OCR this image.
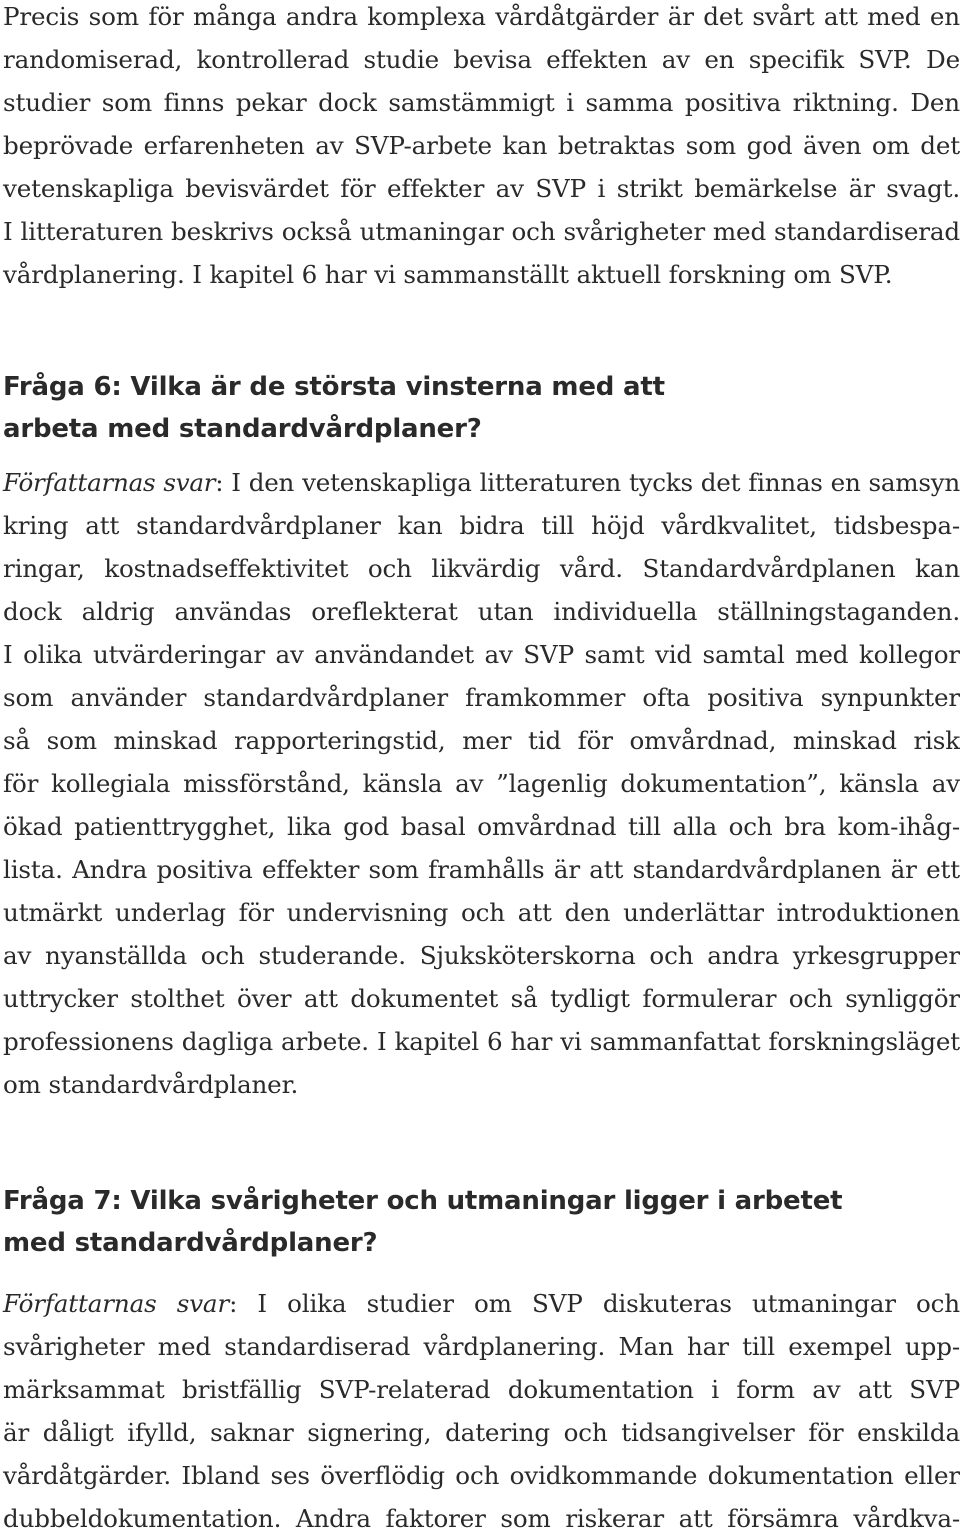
Precis som för många andra komplexa vårdåtgärder är det svårt att med en
randomiserad, kontrollerad studie bevisa effekten av en specifik SVP. De
studier som finns pekar dock samstämmigt i samma positiva riktning. Den
beprövade erfarenheten av SVP-arbete kan betraktas som god även om det
vetenskapliga bevisvärdet för effekter av SVP i strikt bemärkelse är svagt.
I litteraturen beskrivs också utmaningar och svårigheter med standardiserad
vårdplanering. I kapitel 6 har vi sammanställt aktuell forskning om SVP.

Fråga 6: Vilka är de största vinsterna med att
arbeta med standardvårdplaner?

Författarnas svar: I den vetenskapliga litteraturen tycks det finnas en samsyn
kring att standardvårdplaner kan bidra till höjd vårdkvalitet, tidsbespa-
ringar, kostnadseffektivitet och likvärdig vård. Standardvårdplanen kan
dock aldrig användas oreflekterat utan individuella ställningstaganden.
I olika utvärderingar av användandet av SVP samt vid samtal med kollegor
som använder standardvårdplaner framkommer ofta positiva synpunkter
så som minskad rapporteringstid, mer tid för omvårdnad, minskad risk
för kollegiala missförstånd, känsla av ”lagenlig dokumentation”, känsla av
ökad patienttrygghet, lika god basal omvårdnad till alla och bra kom-ihåg-
lista. Andra positiva effekter som framhålls är att standardvårdplanen är ett
utmärkt underlag för undervisning och att den underlättar introduktionen
av nyanställda och studerande. Sjuksköterskorna och andra yrkesgrupper
uttrycker stolthet över att dokumentet så tydligt formulerar och synliggör
professionens dagliga arbete. I kapitel 6 har vi sammanfattat forskningsläget
om standardvårdplaner.

Fråga 7: Vilka svårigheter och utmaningar ligger i arbetet
med standardvårdplaner?

Författarnas svar: I olika studier om SVP diskuteras utmaningar och
svårigheter med standardiserad vårdplanering. Man har till exempel upp-
märksammat bristfällig SVP-relaterad dokumentation i form av att SVP
är dåligt ifylld, saknar signering, datering och tidsangivelser för enskilda
vårdåtgärder. Ibland ses överflödig och ovidkommande dokumentation eller
dubbeldokumentation. Andra faktorer som riskerar att försämra vårdkva-
